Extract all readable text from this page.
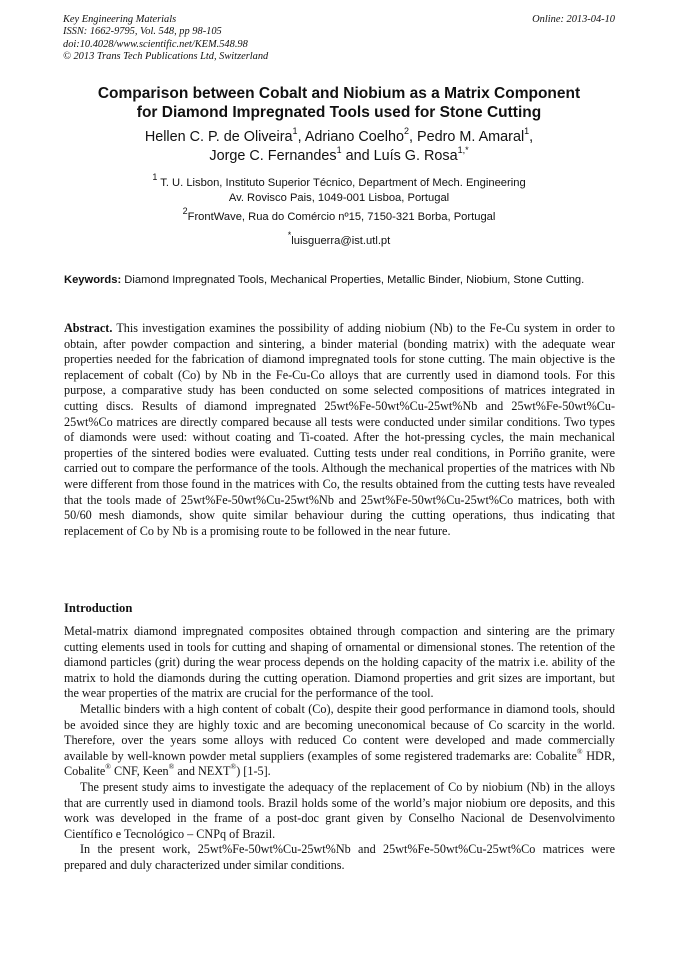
Key Engineering Materials
ISSN: 1662-9795, Vol. 548, pp 98-105
doi:10.4028/www.scientific.net/KEM.548.98
© 2013 Trans Tech Publications Ltd, Switzerland
Online: 2013-04-10
Comparison between Cobalt and Niobium as a Matrix Component
for Diamond Impregnated Tools used for Stone Cutting
Hellen C. P. de Oliveira$^1$, Adriano Coelho$^2$, Pedro M. Amaral$^1$,
Jorge C. Fernandes$^1$ and Luís G. Rosa$^{1,*}$
$^1$ T. U. Lisbon, Instituto Superior Técnico, Department of Mech. Engineering
Av. Rovisco Pais, 1049-001 Lisboa, Portugal
$^2$FrontWave, Rua do Comércio nº15, 7150-321 Borba, Portugal
*luisguerra@ist.utl.pt
Keywords: Diamond Impregnated Tools, Mechanical Properties, Metallic Binder, Niobium, Stone Cutting.
Abstract. This investigation examines the possibility of adding niobium (Nb) to the Fe-Cu system in order to obtain, after powder compaction and sintering, a binder material (bonding matrix) with the adequate wear properties needed for the fabrication of diamond impregnated tools for stone cutting. The main objective is the replacement of cobalt (Co) by Nb in the Fe-Cu-Co alloys that are currently used in diamond tools. For this purpose, a comparative study has been conducted on some selected compositions of matrices integrated in cutting discs. Results of diamond impregnated 25wt%Fe-50wt%Cu-25wt%Nb and 25wt%Fe-50wt%Cu-25wt%Co matrices are directly compared because all tests were conducted under similar conditions. Two types of diamonds were used: without coating and Ti-coated. After the hot-pressing cycles, the main mechanical properties of the sintered bodies were evaluated. Cutting tests under real conditions, in Porriño granite, were carried out to compare the performance of the tools. Although the mechanical properties of the matrices with Nb were different from those found in the matrices with Co, the results obtained from the cutting tests have revealed that the tools made of 25wt%Fe-50wt%Cu-25wt%Nb and 25wt%Fe-50wt%Cu-25wt%Co matrices, both with 50/60 mesh diamonds, show quite similar behaviour during the cutting operations, thus indicating that replacement of Co by Nb is a promising route to be followed in the near future.
Introduction

Metal-matrix diamond impregnated composites obtained through compaction and sintering are the primary cutting elements used in tools for cutting and shaping of ornamental or dimensional stones. The retention of the diamond particles (grit) during the wear process depends on the holding capacity of the matrix i.e. ability of the matrix to hold the diamonds during the cutting operation. Diamond properties and grit sizes are important, but the wear properties of the matrix are crucial for the performance of the tool.

Metallic binders with a high content of cobalt (Co), despite their good performance in diamond tools, should be avoided since they are highly toxic and are becoming uneconomical because of Co scarcity in the world. Therefore, over the years some alloys with reduced Co content were developed and made commercially available by well-known powder metal suppliers (examples of some registered trademarks are: Cobalite® HDR, Cobalite® CNF, Keen® and NEXT®) [1-5].

The present study aims to investigate the adequacy of the replacement of Co by niobium (Nb) in the alloys that are currently used in diamond tools. Brazil holds some of the world’s major niobium ore deposits, and this work was developed in the frame of a post-doc grant given by Conselho Nacional de Desenvolvimento Científico e Tecnológico – CNPq of Brazil.

In the present work, 25wt%Fe-50wt%Cu-25wt%Nb and 25wt%Fe-50wt%Cu-25wt%Co matrices were prepared and duly characterized under similar conditions.
